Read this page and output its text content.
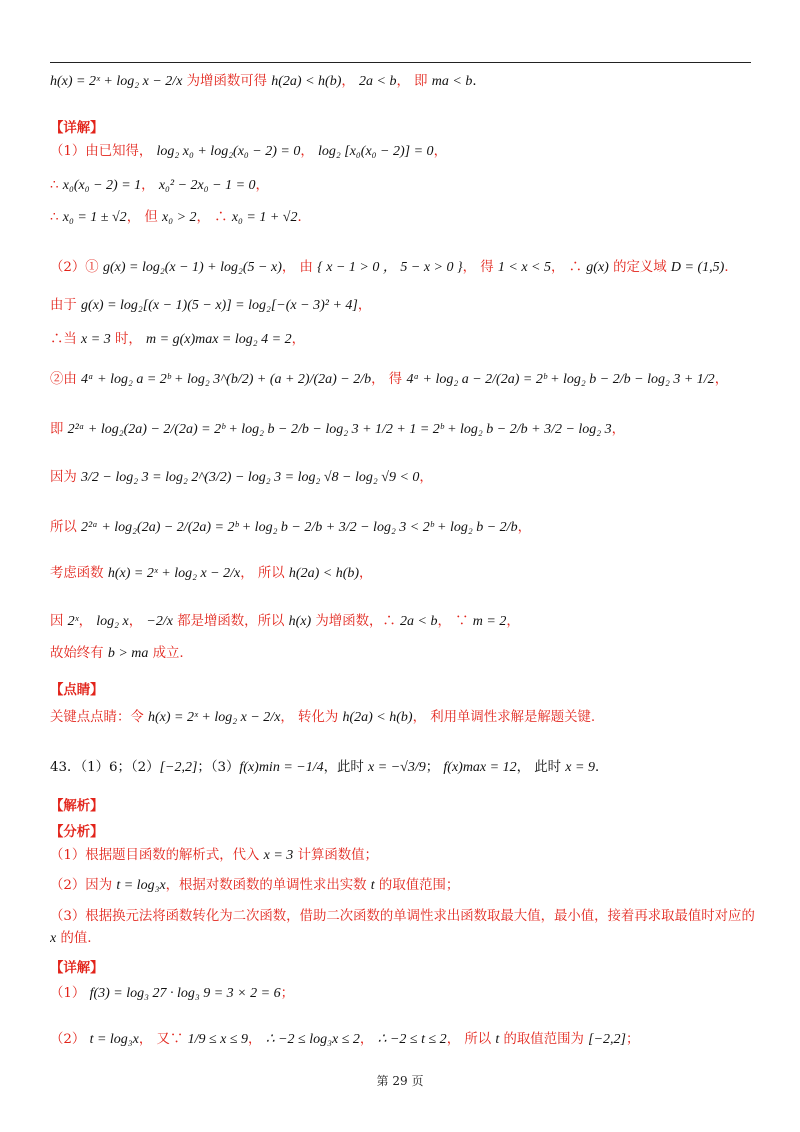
h(x) = 2ˣ + log₂ x − 2/x 为增函数可得 h(2a) < h(b)， 2a < b， 即 ma < b．
【详解】
（1）由已知得， log₂ x₀ + log₂(x₀ − 2) = 0， log₂ [x₀(x₀ − 2)] = 0，
∴ x₀(x₀ − 2) = 1， x₀² − 2x₀ − 1 = 0，
∴ x₀ = 1 ± √2， 但 x₀ > 2， ∴ x₀ = 1 + √2．
（2）① g(x) = log₂(x − 1) + log₂(5 − x)， 由 { x − 1 > 0 ， 5 − x > 0 }， 得 1 < x < 5， ∴ g(x) 的定义域 D = (1,5)．
由于 g(x) = log₂[(x − 1)(5 − x)] = log₂[−(x − 3)² + 4]，
∴当 x = 3 时， m = g(x)max = log₂ 4 = 2，
②由 4ᵃ + log₂ a = 2ᵇ + log₂ 3^(b/2) + (a + 2)/(2a) − 2/b， 得 4ᵃ + log₂ a − 2/(2a) = 2ᵇ + log₂ b − 2/b − log₂ 3 + 1/2，
即 2²ᵃ + log₂(2a) − 2/(2a) = 2ᵇ + log₂ b − 2/b − log₂ 3 + 1/2 + 1 = 2ᵇ + log₂ b − 2/b + 3/2 − log₂ 3，
因为 3/2 − log₂ 3 = log₂ 2^(3/2) − log₂ 3 = log₂ √8 − log₂ √9 < 0，
所以 2²ᵃ + log₂(2a) − 2/(2a) = 2ᵇ + log₂ b − 2/b + 3/2 − log₂ 3 < 2ᵇ + log₂ b − 2/b，
考虑函数 h(x) = 2ˣ + log₂ x − 2/x， 所以 h(2a) < h(b)，
因 2ˣ， log₂ x， −2/x 都是增函数，所以 h(x) 为增函数，∴ 2a < b， ∵ m = 2，
故始终有 b > ma 成立.
【点睛】
关键点点睛：令 h(x) = 2ˣ + log₂ x − 2/x， 转化为 h(2a) < h(b)， 利用单调性求解是解题关键.
43．（1）6；（2）[−2,2]；（3）f(x)min = −1/4，此时 x = −√3/9； f(x)max = 12， 此时 x = 9．
【解析】
【分析】
（1）根据题目函数的解析式，代入 x = 3 计算函数值；
（2）因为 t = log₃x，根据对数函数的单调性求出实数 t 的取值范围；
（3）根据换元法将函数转化为二次函数，借助二次函数的单调性求出函数取最大值，最小值，接着再求取最值时对应的 x 的值.
【详解】
（1） f(3) = log₃ 27 · log₃ 9 = 3 × 2 = 6；
（2） t = log₃x， 又∵ 1/9 ≤ x ≤ 9， ∴ −2 ≤ log₃x ≤ 2， ∴ −2 ≤ t ≤ 2， 所以 t 的取值范围为 [−2,2]；
第 29 页
